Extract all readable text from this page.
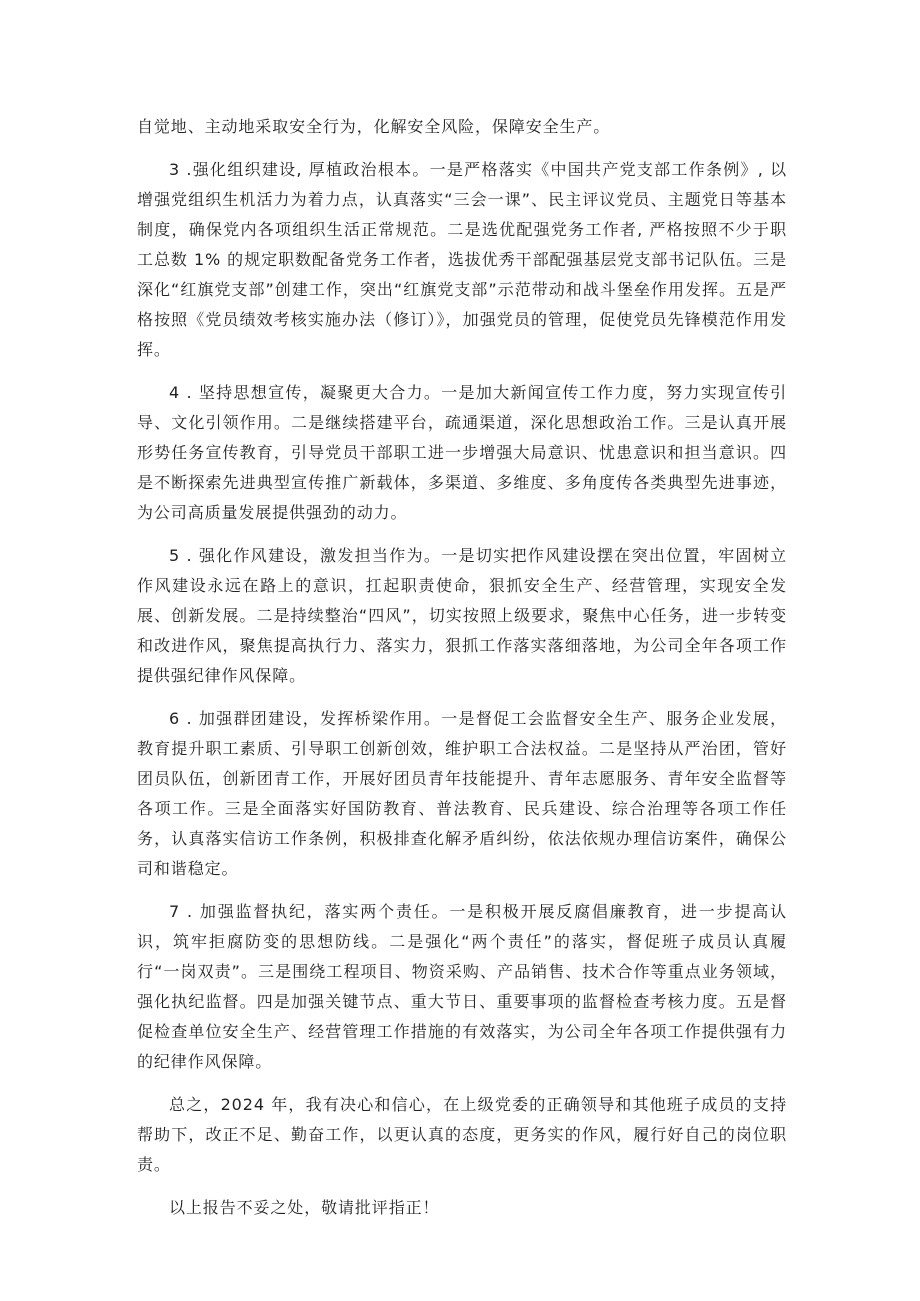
自觉地、主动地采取安全行为，化解安全风险，保障安全生产。

3 .强化组织建设, 厚植政治根本。一是严格落实《中国共产党支部工作条例》, 以增强党组织生机活力为着力点，认真落实“三会一课”、民主评议党员、主题党日等基本制度，确保党内各项组织生活正常规范。二是选优配强党务工作者, 严格按照不少于职工总数 1% 的规定职数配备党务工作者，选拔优秀干部配强基层党支部书记队伍。三是深化“红旗党支部”创建工作，突出“红旗党支部”示范带动和战斗堡垒作用发挥。五是严格按照《党员绩效考核实施办法（修订）》，加强党员的管理，促使党员先锋模范作用发挥。

4 . 坚持思想宣传，凝聚更大合力。一是加大新闻宣传工作力度，努力实现宣传引导、文化引领作用。二是继续搭建平台，疏通渠道，深化思想政治工作。三是认真开展形势任务宣传教育，引导党员干部职工进一步增强大局意识、忧患意识和担当意识。四是不断探索先进典型宣传推广新载体，多渠道、多维度、多角度传各类典型先进事迹，为公司高质量发展提供强劲的动力。

5 . 强化作风建设，激发担当作为。一是切实把作风建设摆在突出位置，牢固树立作风建设永远在路上的意识，扛起职责使命，狠抓安全生产、经营管理，实现安全发展、创新发展。二是持续整治“四风”，切实按照上级要求，聚焦中心任务，进一步转变和改进作风，聚焦提高执行力、落实力，狠抓工作落实落细落地，为公司全年各项工作提供强纪律作风保障。

6 . 加强群团建设，发挥桥梁作用。一是督促工会监督安全生产、服务企业发展，教育提升职工素质、引导职工创新创效，维护职工合法权益。二是坚持从严治团，管好团员队伍，创新团青工作，开展好团员青年技能提升、青年志愿服务、青年安全监督等各项工作。三是全面落实好国防教育、普法教育、民兵建设、综合治理等各项工作任务，认真落实信访工作条例，积极排查化解矛盾纠纷，依法依规办理信访案件，确保公司和谐稳定。

7 . 加强监督执纪，落实两个责任。一是积极开展反腐倡廉教育，进一步提高认识，筑牢拒腐防变的思想防线。二是强化“两个责任”的落实，督促班子成员认真履行“一岗双责”。三是围绕工程项目、物资采购、产品销售、技术合作等重点业务领域，强化执纪监督。四是加强关键节点、重大节日、重要事项的监督检查考核力度。五是督促检查单位安全生产、经营管理工作措施的有效落实，为公司全年各项工作提供强有力的纪律作风保障。

总之，2024 年，我有决心和信心，在上级党委的正确领导和其他班子成员的支持帮助下，改正不足、勤奋工作，以更认真的态度，更务实的作风，履行好自己的岗位职责。

以上报告不妥之处，敬请批评指正！
